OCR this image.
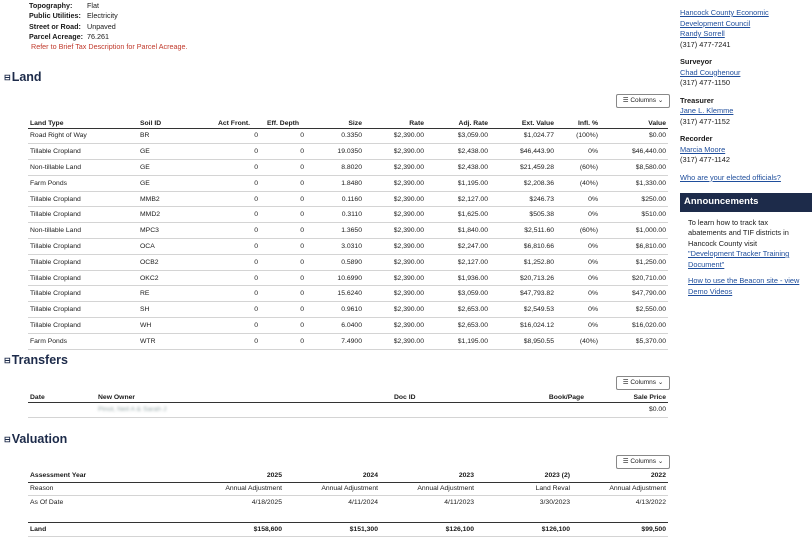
Topography: Flat
Public Utilities: Electricity
Street or Road: Unpaved
Parcel Acreage: 76.261
Refer to Brief Tax Description for Parcel Acreage.
⊟Land
☰ Columns ⌄
Land Type	Soil ID	Act Front.	Eff. Depth	Size	Rate	Adj. Rate	Ext. Value	Infl. %	Value
Road Right of Way	BR	0	0	0.3350	$2,390.00	$3,059.00	$1,024.77	(100%)	$0.00
Tillable Cropland	GE	0	0	19.0350	$2,390.00	$2,438.00	$46,443.90	0%	$46,440.00
Non-tillable Land	GE	0	0	8.8020	$2,390.00	$2,438.00	$21,459.28	(60%)	$8,580.00
Farm Ponds	GE	0	0	1.8480	$2,390.00	$1,195.00	$2,208.36	(40%)	$1,330.00
Tillable Cropland	MMB2	0	0	0.1160	$2,390.00	$2,127.00	$246.73	0%	$250.00
Tillable Cropland	MMD2	0	0	0.3110	$2,390.00	$1,625.00	$505.38	0%	$510.00
Non-tillable Land	MPC3	0	0	1.3650	$2,390.00	$1,840.00	$2,511.60	(60%)	$1,000.00
Tillable Cropland	OCA	0	0	3.0310	$2,390.00	$2,247.00	$6,810.66	0%	$6,810.00
Tillable Cropland	OCB2	0	0	0.5890	$2,390.00	$2,127.00	$1,252.80	0%	$1,250.00
Tillable Cropland	OKC2	0	0	10.6990	$2,390.00	$1,936.00	$20,713.26	0%	$20,710.00
Tillable Cropland	RE	0	0	15.6240	$2,390.00	$3,059.00	$47,793.82	0%	$47,790.00
Tillable Cropland	SH	0	0	0.9610	$2,390.00	$2,653.00	$2,549.53	0%	$2,550.00
Tillable Cropland	WH	0	0	6.0400	$2,390.00	$2,653.00	$16,024.12	0%	$16,020.00
Farm Ponds	WTR	0	0	7.4900	$2,390.00	$1,195.00	$8,950.55	(40%)	$5,370.00
⊟Transfers
☰ Columns ⌄
Date	New Owner	Doc ID	Book/Page	Sale Price
	Pinot, Neil A & Sarah J			$0.00
⊟Valuation
☰ Columns ⌄
Assessment Year	2025	2024	2023	2023 (2)	2022
Reason	Annual Adjustment	Annual Adjustment	Annual Adjustment	Land Reval	Annual Adjustment
As Of Date	4/18/2025	4/11/2024	4/11/2023	3/30/2023	4/13/2022

Land	$158,600	$151,300	$126,100	$126,100	$99,500
Hancock County Economic
Development Council
Randy Sorrell
(317) 477-7241
Surveyor
Chad Coughenour
(317) 477-1150
Treasurer
Jane L. Klemme
(317) 477-1152
Recorder
Marcia Moore
(317) 477-1142
Who are your elected officials?
Announcements
To learn how to track tax abatements and TIF districts in Hancock County visit
"Development Tracker Training Document"
How to use the Beacon site - view Demo Videos
